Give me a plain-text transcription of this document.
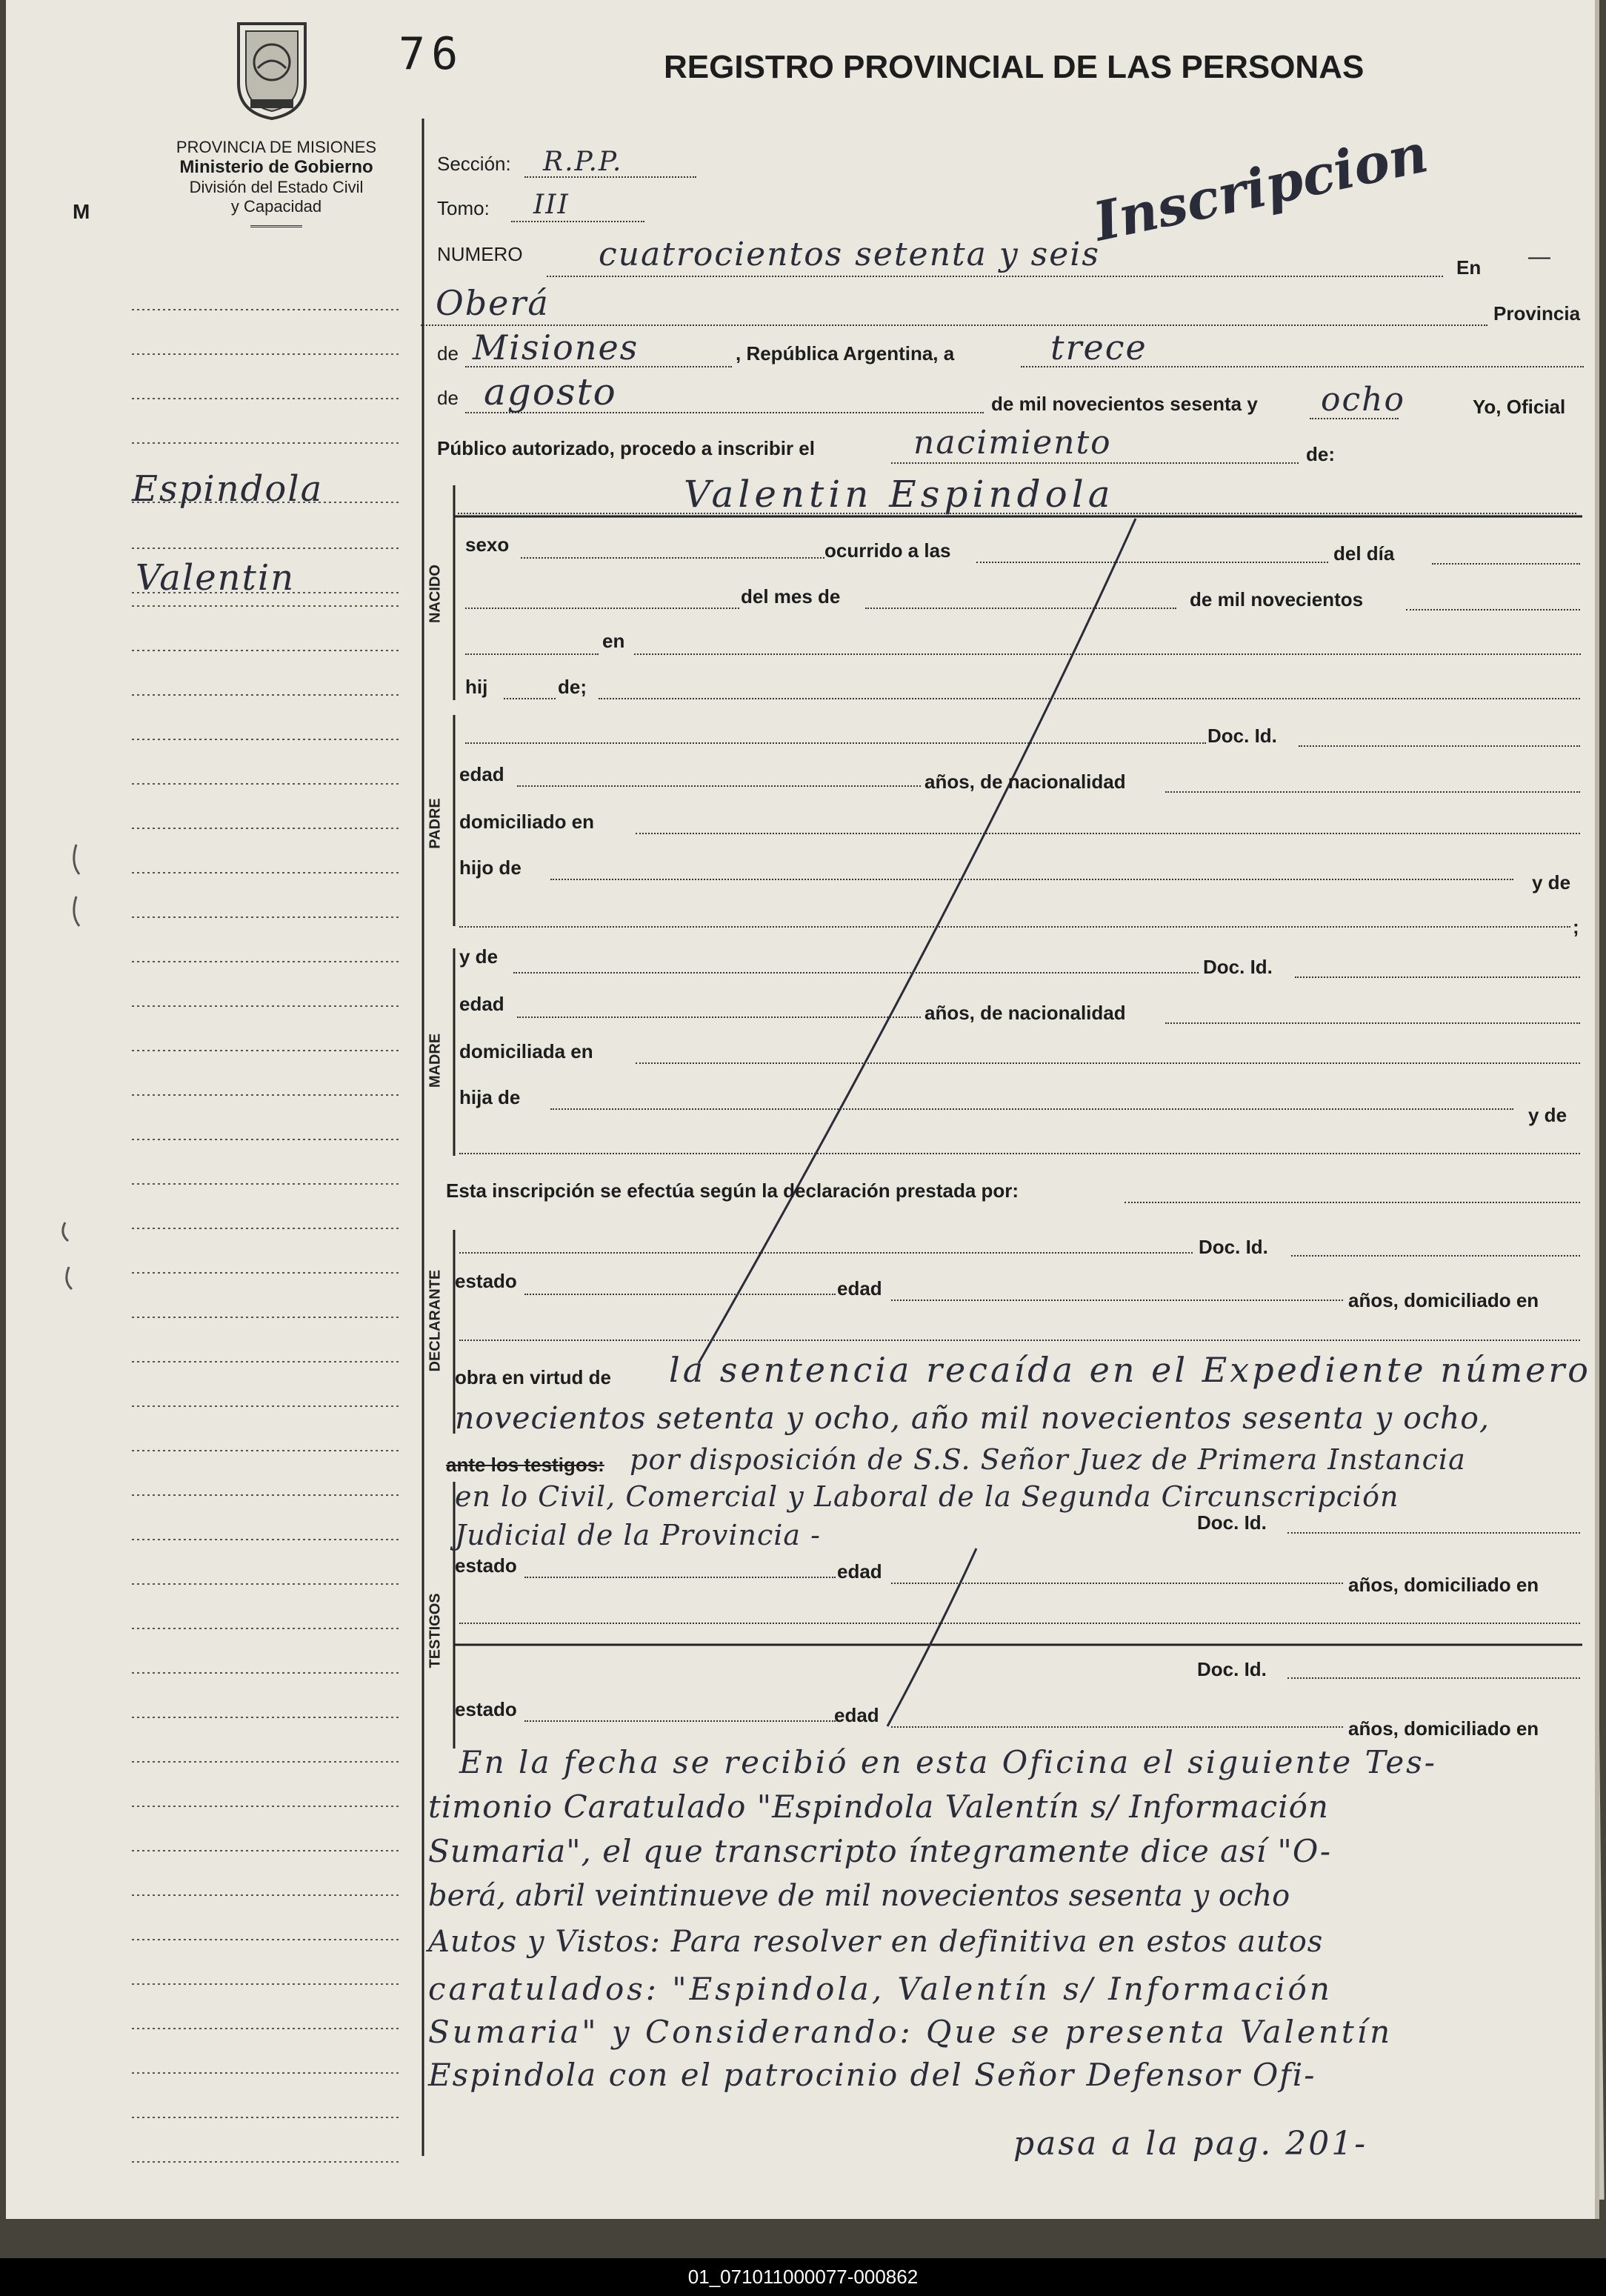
76	REGISTRO PROVINCIAL DE LAS PERSONAS
PROVINCIA DE MISIONES
Ministerio de Gobierno
División del Estado Civil
y Capacidad
M	Inscripcion
Espindola
Valentin
Sección: R.P.P.
Tomo: III
NUMERO cuatrocientos setenta y seis	En —
Oberá	Provincia
de Misiones	, República Argentina, a	trece
de agosto	de mil novecientos sesenta y ocho	Yo, Oficial
Público autorizado, procedo a inscribir el	nacimiento	de:
Valentin Espindola
NACIDO
sexo	ocurrido a las	del día
del mes de	de mil novecientos
en
hij	de;
PADRE
Doc. Id.
edad	años, de nacionalidad
domiciliado en
hijo de
y de
;
MADRE
y de	Doc. Id.
edad	años, de nacionalidad
domiciliada en
hija de
y de
Esta inscripción se efectúa según la declaración prestada por:
DECLARANTE
Doc. Id.
estado	edad
años, domiciliado en
obra en virtud de la sentencia recaída en el Expediente número
novecientos setenta y ocho, año mil novecientos sesenta y ocho,
ante los testigos: por disposición de S.S. Señor Juez de Primera Instancia
en lo Civil, Comercial y Laboral de la Segunda Circunscripción
Judicial de la Provincia -
TESTIGOS
Doc. Id.
estado	edad
años, domiciliado en
Doc. Id.
estado	edad
años, domiciliado en
En la fecha se recibió en esta Oficina el siguiente Tes-
timonio Caratulado "Espindola Valentín s/ Información
Sumaria", el que transcripto íntegramente dice así "O-
berá, abril veintinueve de mil novecientos sesenta y ocho
Autos y Vistos: Para resolver en definitiva en estos autos
caratulados: "Espindola, Valentín s/ Información
Sumaria" y Considerando: Que se presenta Valentín
Espindola con el patrocinio del Señor Defensor Ofi-
pasa a la pag. 201-
01_071011000077-000862
